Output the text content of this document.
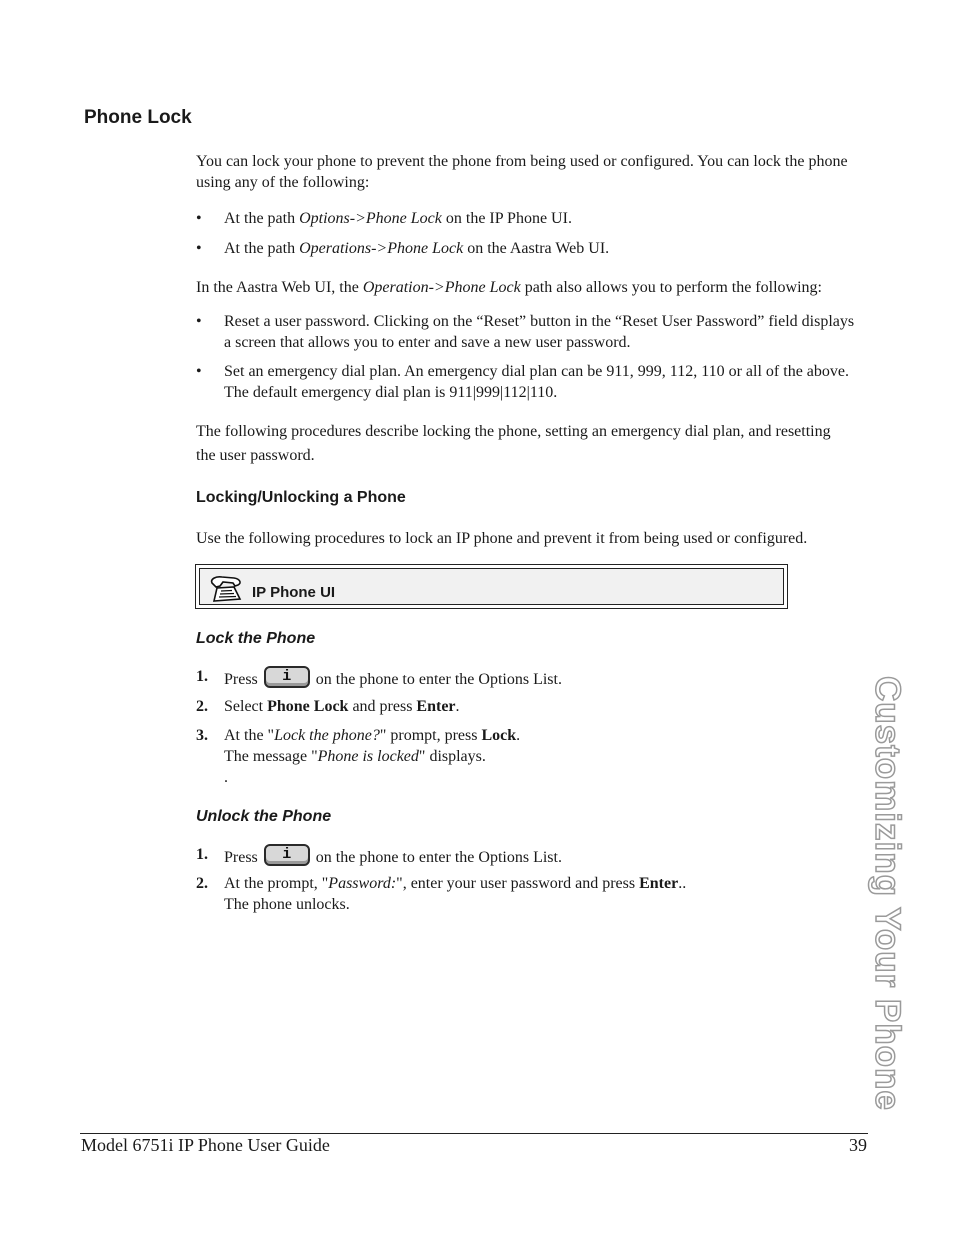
Phone Lock
You can lock your phone to prevent the phone from being used or configured. You can lock the phone using any of the following:
• At the path Options->Phone Lock on the IP Phone UI.
• At the path Operations->Phone Lock on the Aastra Web UI.
In the Aastra Web UI, the Operation->Phone Lock path also allows you to perform the following:
• Reset a user password. Clicking on the “Reset” button in the “Reset User Password” field displays a screen that allows you to enter and save a new user password.
• Set an emergency dial plan. An emergency dial plan can be 911, 999, 112, 110 or all of the above. The default emergency dial plan is 911|999|112|110.
The following procedures describe locking the phone, setting an emergency dial plan, and resetting the user password.
Locking/Unlocking a Phone
Use the following procedures to lock an IP phone and prevent it from being used or configured.
IP Phone UI
Lock the Phone
1. Press	i	on the phone to enter the Options List.
2. Select Phone Lock and press Enter.
3. At the "Lock the phone?" prompt, press Lock.
The message "Phone is locked" displays.
.
Unlock the Phone
1. Press	i	on the phone to enter the Options List.
2. At the prompt, "Password:", enter your user password and press Enter..
The phone unlocks.	Customizing Your Phone
Model 6751i IP Phone User Guide	39
